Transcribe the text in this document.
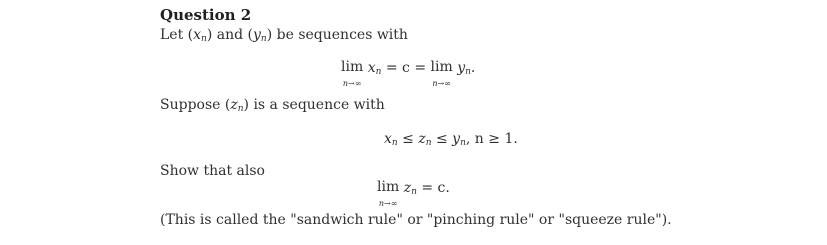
Question 2
Let (xn) and (yn) be sequences with
lim
n→∞
xn = c = lim
n→∞
yn.
Suppose (zn) is a sequence with
xn ≤ zn ≤ yn, n ≥ 1.
Show that also
lim
n→∞
zn = c.
(This is called the "sandwich rule" or "pinching rule" or "squeeze rule").
